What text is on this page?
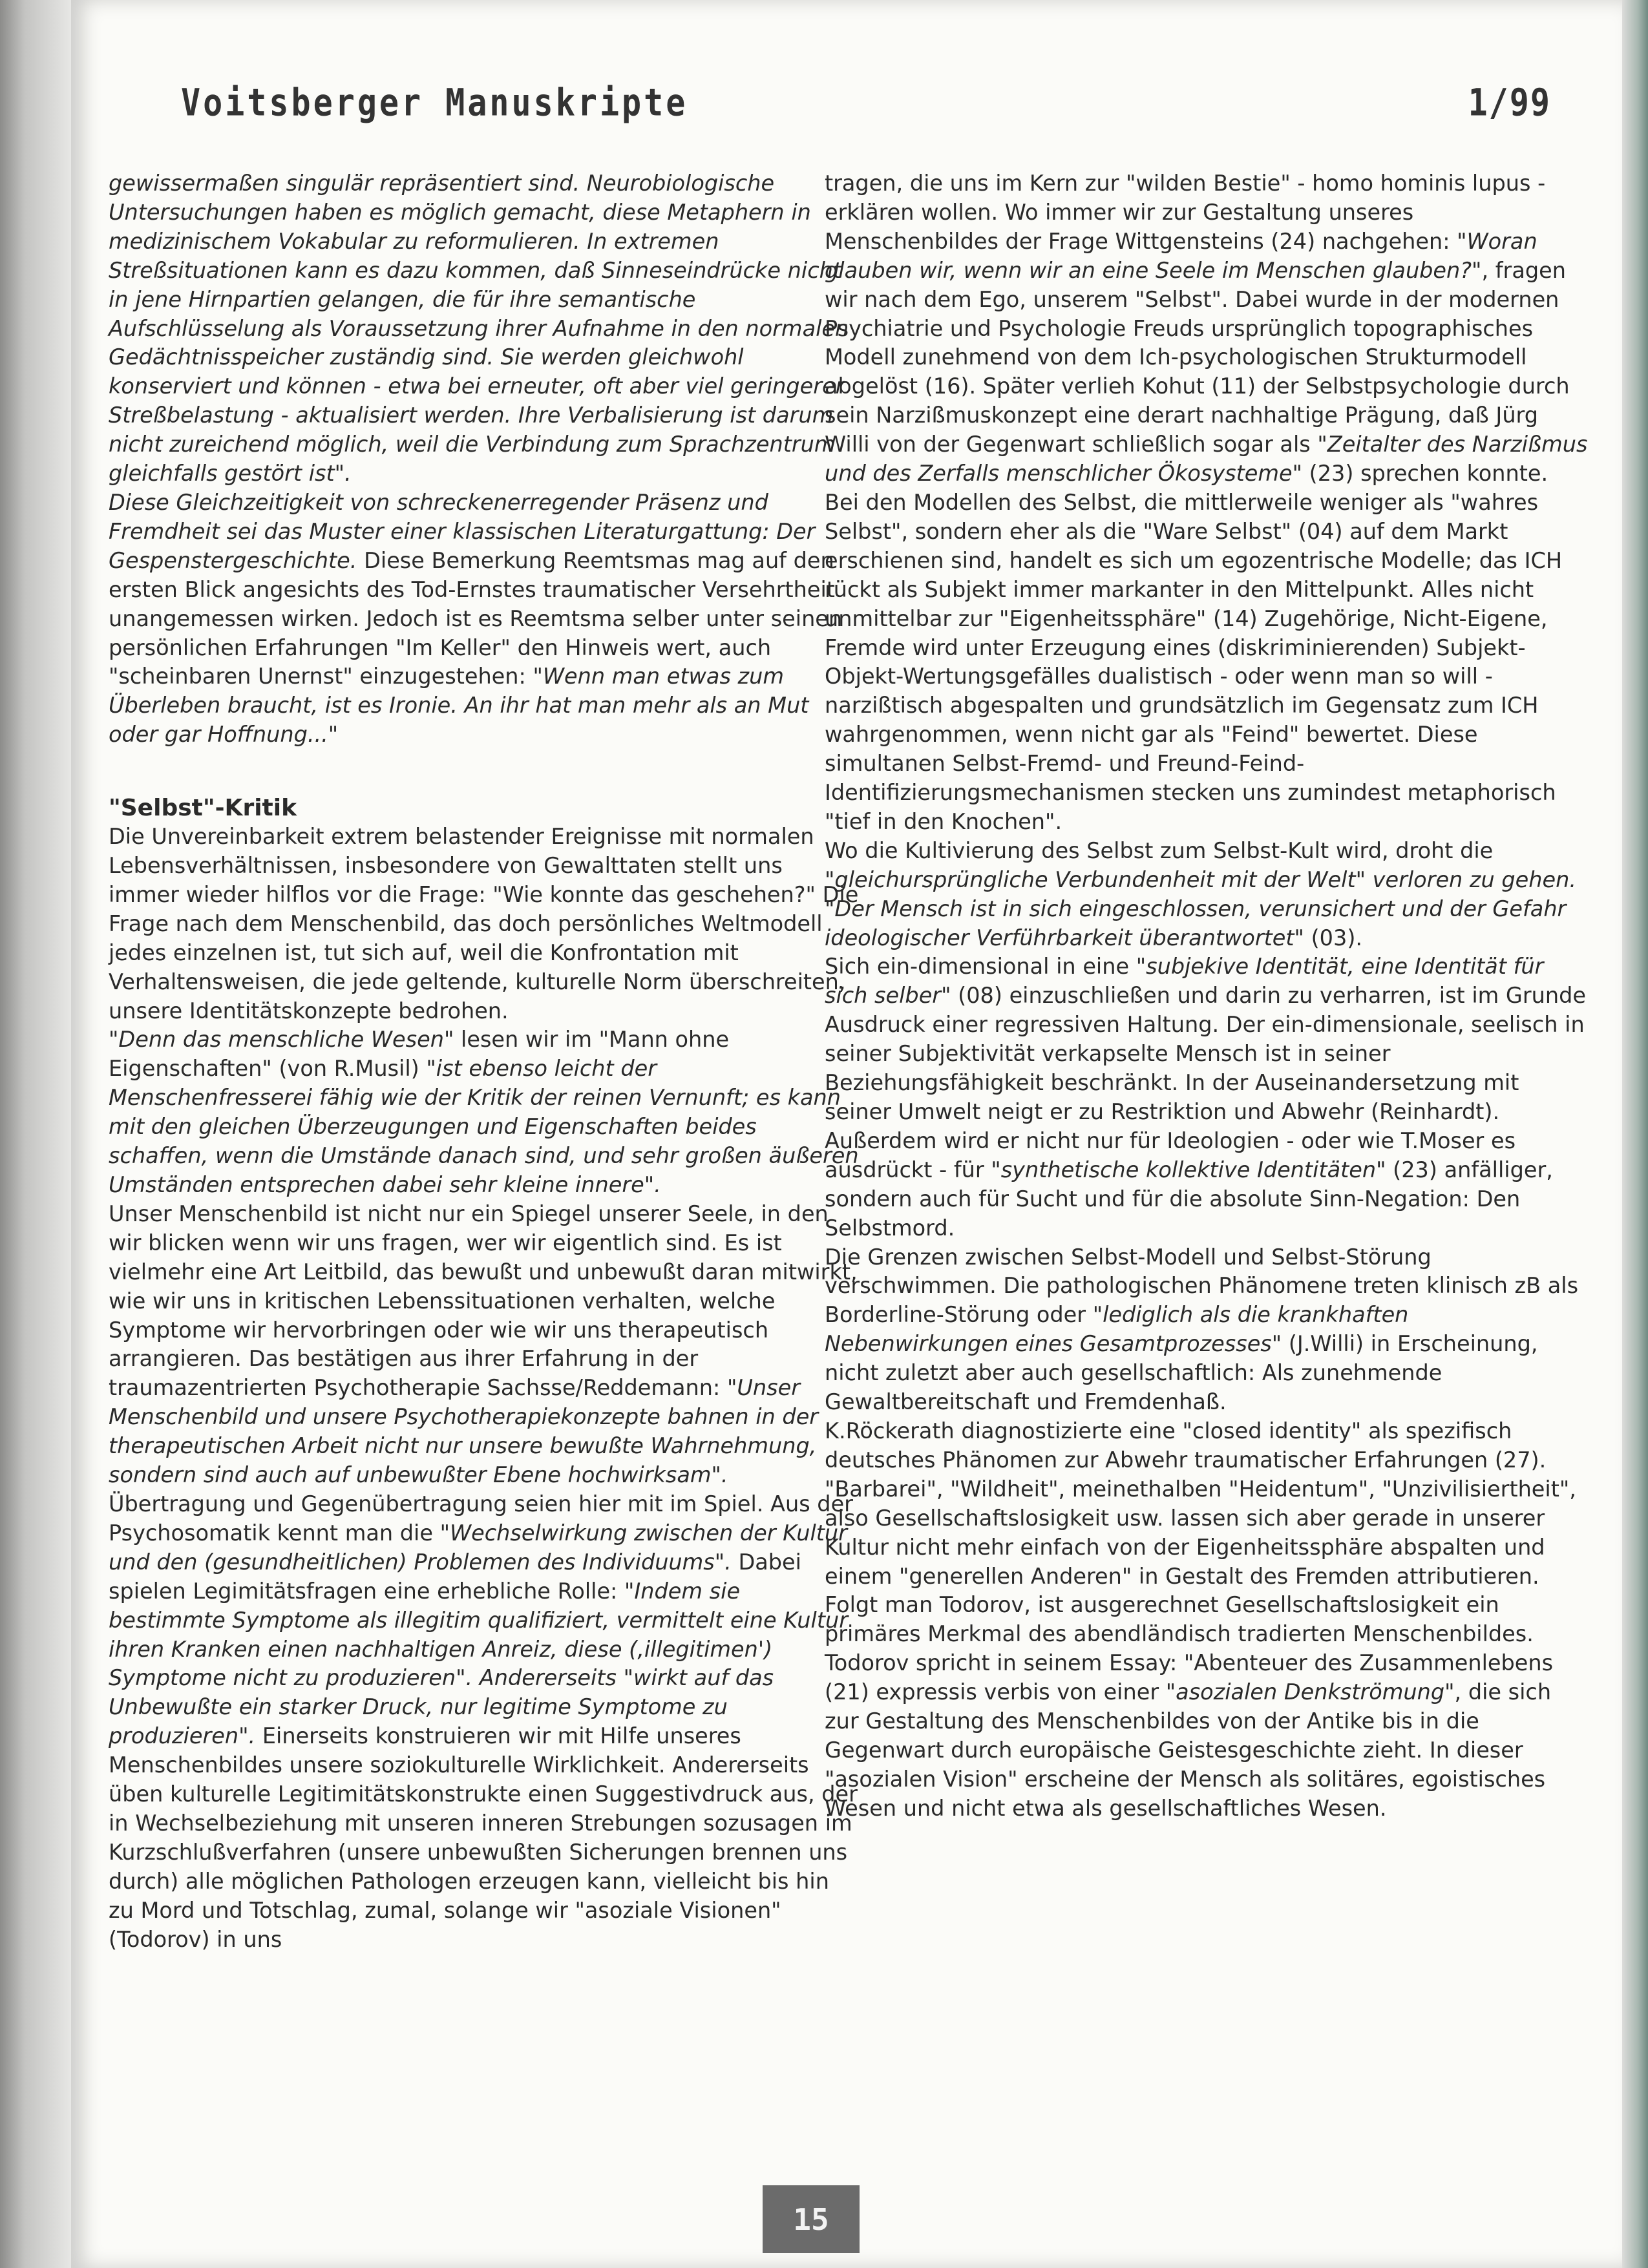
Voitsberger Manuskripte	1/99

gewissermaßen singulär repräsentiert sind. Neurobiologische Untersuchungen haben es möglich gemacht, diese Metaphern in medizinischem Vokabular zu reformulieren. In extremen Streßsituationen kann es dazu kommen, daß Sinneseindrücke nicht in jene Hirnpartien gelangen, die für ihre semantische Aufschlüsselung als Voraussetzung ihrer Aufnahme in den normalen Gedächtnisspeicher zuständig sind. Sie werden gleichwohl konserviert und können - etwa bei erneuter, oft aber viel geringerer Streßbelastung - aktualisiert werden. Ihre Verbalisierung ist darum nicht zureichend möglich, weil die Verbindung zum Sprachzentrum gleichfalls gestört ist".

Diese Gleichzeitigkeit von schreckenerregender Präsenz und Fremdheit sei das Muster einer klassischen Literaturgattung: Der Gespenstergeschichte. Diese Bemerkung Reemtsmas mag auf den ersten Blick angesichts des Tod-Ernstes traumatischer Versehrtheit unangemessen wirken. Jedoch ist es Reemtsma selber unter seinen persönlichen Erfahrungen "Im Keller" den Hinweis wert, auch "scheinbaren Unernst" einzugestehen: "Wenn man etwas zum Überleben braucht, ist es Ironie. An ihr hat man mehr als an Mut oder gar Hoffnung..."

"Selbst"-Kritik

Die Unvereinbarkeit extrem belastender Ereignisse mit normalen Lebensverhältnissen, insbesondere von Gewalttaten stellt uns immer wieder hilflos vor die Frage: "Wie konnte das geschehen?" Die Frage nach dem Menschenbild, das doch persönliches Weltmodell jedes einzelnen ist, tut sich auf, weil die Konfrontation mit Verhaltensweisen, die jede geltende, kulturelle Norm überschreiten, unsere Identitätskonzepte bedrohen.

"Denn das menschliche Wesen" lesen wir im "Mann ohne Eigenschaften" (von R.Musil) "ist ebenso leicht der Menschenfresserei fähig wie der Kritik der reinen Vernunft; es kann mit den gleichen Überzeugungen und Eigenschaften beides schaffen, wenn die Umstände danach sind, und sehr großen äußeren Umständen entsprechen dabei sehr kleine innere".

Unser Menschenbild ist nicht nur ein Spiegel unserer Seele, in den wir blicken wenn wir uns fragen, wer wir eigentlich sind. Es ist vielmehr eine Art Leitbild, das bewußt und unbewußt daran mitwirkt, wie wir uns in kritischen Lebenssituationen verhalten, welche Symptome wir hervorbringen oder wie wir uns therapeutisch arrangieren. Das bestätigen aus ihrer Erfahrung in der traumazentrierten Psychotherapie Sachsse/Reddemann: "Unser Menschenbild und unsere Psychotherapiekonzepte bahnen in der therapeutischen Arbeit nicht nur unsere bewußte Wahrnehmung, sondern sind auch auf unbewußter Ebene hochwirksam". Übertragung und Gegenübertragung seien hier mit im Spiel. Aus der Psychosomatik kennt man die "Wechselwirkung zwischen der Kultur und den (gesundheitlichen) Problemen des Individuums". Dabei spielen Legimitätsfragen eine erhebliche Rolle: "Indem sie bestimmte Symptome als illegitim qualifiziert, vermittelt eine Kultur ihren Kranken einen nachhaltigen Anreiz, diese (,illegitimen') Symptome nicht zu produzieren". Andererseits "wirkt auf das Unbewußte ein starker Druck, nur legitime Symptome zu produzieren". Einerseits konstruieren wir mit Hilfe unseres Menschenbildes unsere soziokulturelle Wirklichkeit. Andererseits üben kulturelle Legitimitätskonstrukte einen Suggestivdruck aus, der in Wechselbeziehung mit unseren inneren Strebungen sozusagen im Kurzschlußverfahren (unsere unbewußten Sicherungen brennen uns durch) alle möglichen Pathologen erzeugen kann, vielleicht bis hin zu Mord und Totschlag, zumal, solange wir "asoziale Visionen" (Todorov) in uns

tragen, die uns im Kern zur "wilden Bestie" - homo hominis lupus - erklären wollen. Wo immer wir zur Gestaltung unseres Menschenbildes der Frage Wittgensteins (24) nachgehen: "Woran glauben wir, wenn wir an eine Seele im Menschen glauben?", fragen wir nach dem Ego, unserem "Selbst". Dabei wurde in der modernen Psychiatrie und Psychologie Freuds ursprünglich topographisches Modell zunehmend von dem Ich-psychologischen Strukturmodell abgelöst (16). Später verlieh Kohut (11) der Selbstpsychologie durch sein Narzißmuskonzept eine derart nachhaltige Prägung, daß Jürg Willi von der Gegenwart schließlich sogar als "Zeitalter des Narzißmus und des Zerfalls menschlicher Ökosysteme" (23) sprechen konnte. Bei den Modellen des Selbst, die mittlerweile weniger als "wahres Selbst", sondern eher als die "Ware Selbst" (04) auf dem Markt erschienen sind, handelt es sich um egozentrische Modelle; das ICH rückt als Subjekt immer markanter in den Mittelpunkt. Alles nicht unmittelbar zur "Eigenheitssphäre" (14) Zugehörige, Nicht-Eigene, Fremde wird unter Erzeugung eines (diskriminierenden) Subjekt-Objekt-Wertungsgefälles dualistisch - oder wenn man so will - narzißtisch abgespalten und grundsätzlich im Gegensatz zum ICH wahrgenommen, wenn nicht gar als "Feind" bewertet. Diese simultanen Selbst-Fremd- und Freund-Feind-Identifizierungsmechanismen stecken uns zumindest metaphorisch "tief in den Knochen".

Wo die Kultivierung des Selbst zum Selbst-Kult wird, droht die "gleichursprüngliche Verbundenheit mit der Welt" verloren zu gehen. "Der Mensch ist in sich eingeschlossen, verunsichert und der Gefahr ideologischer Verführbarkeit überantwortet" (03).

Sich ein-dimensional in eine "subjekive Identität, eine Identität für sich selber" (08) einzuschließen und darin zu verharren, ist im Grunde Ausdruck einer regressiven Haltung. Der ein-dimensionale, seelisch in seiner Subjektivität verkapselte Mensch ist in seiner Beziehungsfähigkeit beschränkt. In der Auseinandersetzung mit seiner Umwelt neigt er zu Restriktion und Abwehr (Reinhardt). Außerdem wird er nicht nur für Ideologien - oder wie T.Moser es ausdrückt - für "synthetische kollektive Identitäten" (23) anfälliger, sondern auch für Sucht und für die absolute Sinn-Negation: Den Selbstmord.

Die Grenzen zwischen Selbst-Modell und Selbst-Störung verschwimmen. Die pathologischen Phänomene treten klinisch zB als Borderline-Störung oder "lediglich als die krankhaften Nebenwirkungen eines Gesamtprozesses" (J.Willi) in Erscheinung, nicht zuletzt aber auch gesellschaftlich: Als zunehmende Gewaltbereitschaft und Fremdenhaß.

K.Röckerath diagnostizierte eine "closed identity" als spezifisch deutsches Phänomen zur Abwehr traumatischer Erfahrungen (27). "Barbarei", "Wildheit", meinethalben "Heidentum", "Unzivilisiertheit", also Gesellschaftslosigkeit usw. lassen sich aber gerade in unserer Kultur nicht mehr einfach von der Eigenheitssphäre abspalten und einem "generellen Anderen" in Gestalt des Fremden attributieren. Folgt man Todorov, ist ausgerechnet Gesellschaftslosigkeit ein primäres Merkmal des abendländisch tradierten Menschenbildes.

Todorov spricht in seinem Essay: "Abenteuer des Zusammenlebens (21) expressis verbis von einer "asozialen Denkströmung", die sich zur Gestaltung des Menschenbildes von der Antike bis in die Gegenwart durch europäische Geistesgeschichte zieht. In dieser "asozialen Vision" erscheine der Mensch als solitäres, egoistisches Wesen und nicht etwa als gesellschaftliches Wesen.

15
